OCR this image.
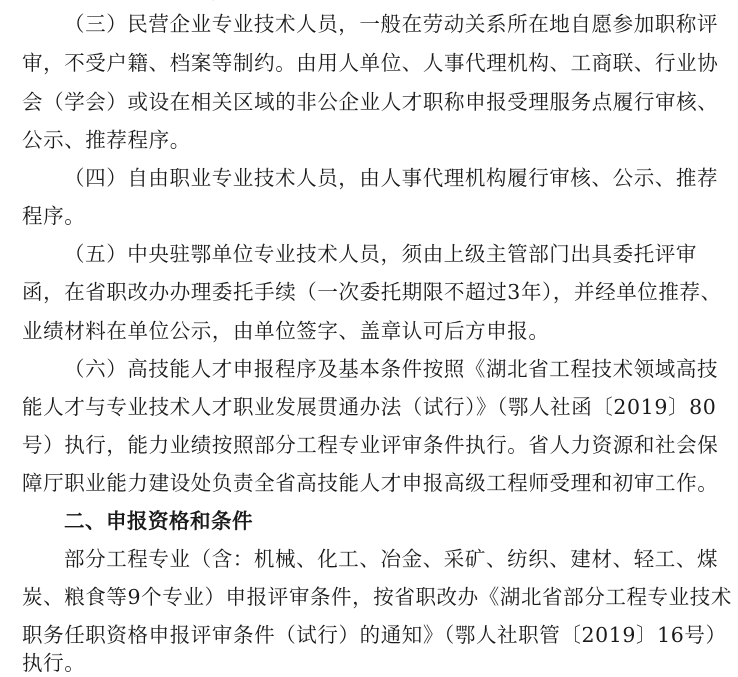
（三）民营企业专业技术人员，一般在劳动关系所在地自愿参加职称评
审，不受户籍、档案等制约。由用人单位、人事代理机构、工商联、行业协
会（学会）或设在相关区域的非公企业人才职称申报受理服务点履行审核、
公示、推荐程序。
（四）自由职业专业技术人员，由人事代理机构履行审核、公示、推荐
程序。
（五）中央驻鄂单位专业技术人员，须由上级主管部门出具委托评审
函，在省职改办办理委托手续（一次委托期限不超过3年），并经单位推荐、
业绩材料在单位公示，由单位签字、盖章认可后方申报。
（六）高技能人才申报程序及基本条件按照《湖北省工程技术领域高技
能人才与专业技术人才职业发展贯通办法（试行）》（鄂人社函〔2019〕80
号）执行，能力业绩按照部分工程专业评审条件执行。省人力资源和社会保
障厅职业能力建设处负责全省高技能人才申报高级工程师受理和初审工作。
二、申报资格和条件
部分工程专业（含：机械、化工、冶金、采矿、纺织、建材、轻工、煤
炭、粮食等9个专业）申报评审条件，按省职改办《湖北省部分工程专业技术
职务任职资格申报评审条件（试行）的通知》（鄂人社职管〔2019〕16号）
执行。
